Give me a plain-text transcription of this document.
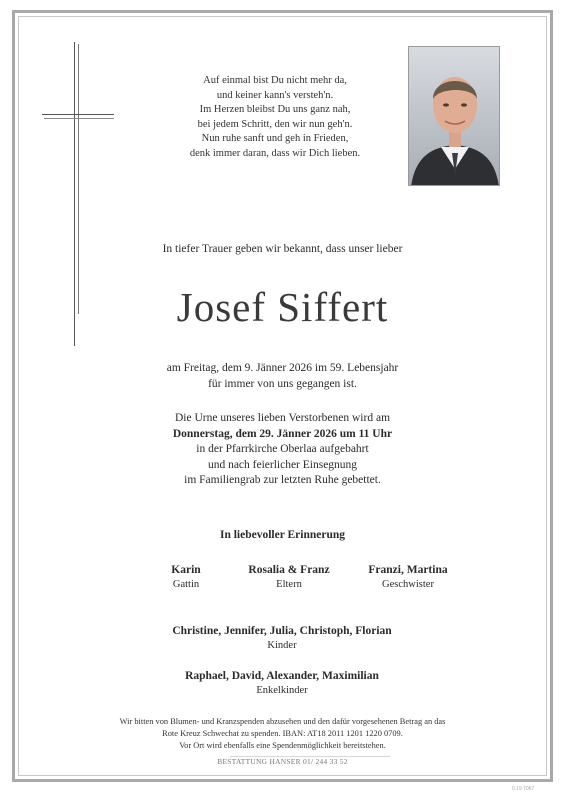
Auf einmal bist Du nicht mehr da,
und keiner kann's versteh'n.
Im Herzen bleibst Du uns ganz nah,
bei jedem Schritt, den wir nun geh'n.
Nun ruhe sanft und geh in Frieden,
denk immer daran, dass wir Dich lieben.
In tiefer Trauer geben wir bekannt, dass unser lieber
Josef Siffert
am Freitag, dem 9. Jänner 2026 im 59. Lebensjahr
für immer von uns gegangen ist.
Die Urne unseres lieben Verstorbenen wird am
Donnerstag, dem 29. Jänner 2026 um 11 Uhr
in der Pfarrkirche Oberlaa aufgebahrt
und nach feierlicher Einsegnung
im Familiengrab zur letzten Ruhe gebettet.
In liebevoller Erinnerung
Karin
Gattin
Rosalia & Franz
Eltern
Franzi, Martina
Geschwister
Christine, Jennifer, Julia, Christoph, Florian
Kinder
Raphael, David, Alexander, Maximilian
Enkelkinder
Wir bitten von Blumen- und Kranzspenden abzusehen und den dafür vorgesehenen Betrag an das
Rote Kreuz Schwechat zu spenden. IBAN: AT18 2011 1201 1220 0709.
Vor Ort wird ebenfalls eine Spendenmöglichkeit bereitstehen.
BESTATTUNG HANSER 01/ 244 33 52
0.19 7067
